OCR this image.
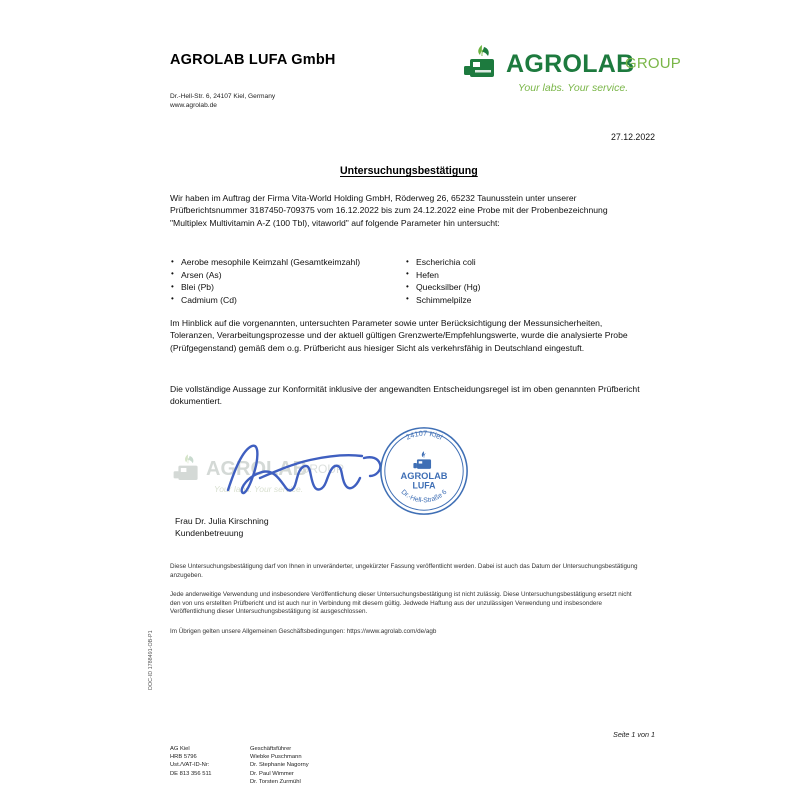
AGROLAB LUFA GmbH
Dr.-Hell-Str. 6, 24107 Kiel, Germany
www.agrolab.de
AGROLAB
GROUP
Your labs. Your service.
27.12.2022
Untersuchungsbestätigung
Wir haben im Auftrag der Firma Vita-World Holding GmbH, Röderweg 26, 65232 Taunusstein unter unserer Prüfberichtsnummer 3187450-709375 vom 16.12.2022 bis zum 24.12.2022 eine Probe mit der Probenbezeichnung "Multiplex Multivitamin A-Z (100 Tbl), vitaworld" auf folgende Parameter hin untersucht:
• Aerobe mesophile Keimzahl (Gesamtkeimzahl)
• Arsen (As)
• Blei (Pb)
• Cadmium (Cd)
• Escherichia coli
• Hefen
• Quecksilber (Hg)
• Schimmelpilze
Im Hinblick auf die vorgenannten, untersuchten Parameter sowie unter Berücksichtigung der Messunsicherheiten, Toleranzen, Verarbeitungsprozesse und der aktuell gültigen Grenzwerte/Empfehlungswerte, wurde die analysierte Probe (Prüfgegenstand) gemäß dem o.g. Prüfbericht aus hiesiger Sicht als verkehrsfähig in Deutschland eingestuft.
Die vollständige Aussage zur Konformität inklusive der angewandten Entscheidungsregel ist im oben genannten Prüfbericht dokumentiert.
AGROLAB
GROUP
Your labs. Your service.
24107 Kiel
Dr.-Hell-Straße 6
AGROLAB
LUFA
Frau Dr. Julia Kirschning
Kundenbetreuung
Diese Untersuchungsbestätigung darf von Ihnen in unveränderter, ungekürzter Fassung veröffentlicht werden. Dabei ist auch das Datum der Untersuchungsbestätigung anzugeben.
Jede anderweitige Verwendung und insbesondere Veröffentlichung dieser Untersuchungsbestätigung ist nicht zulässig. Diese Untersuchungsbestätigung ersetzt nicht den von uns erstellten Prüfbericht und ist auch nur in Verbindung mit diesem gültig. Jedwede Haftung aus der unzulässigen Verwendung und insbesondere Veröffentlichung dieser Untersuchungsbestätigung ist ausgeschlossen.
Im Übrigen gelten unsere Allgemeinen Geschäftsbedingungen: https://www.agrolab.com/de/agb
AG Kiel
HRB 5796
Ust./VAT-ID-Nr:
DE 813 356 511
Geschäftsführer
Wiebke Puschmann
Dr. Stephanie Nagorny
Dr. Paul Wimmer
Dr. Torsten Zurmühl
Seite 1 von 1
DOC-ID 1788491-OB-P1
